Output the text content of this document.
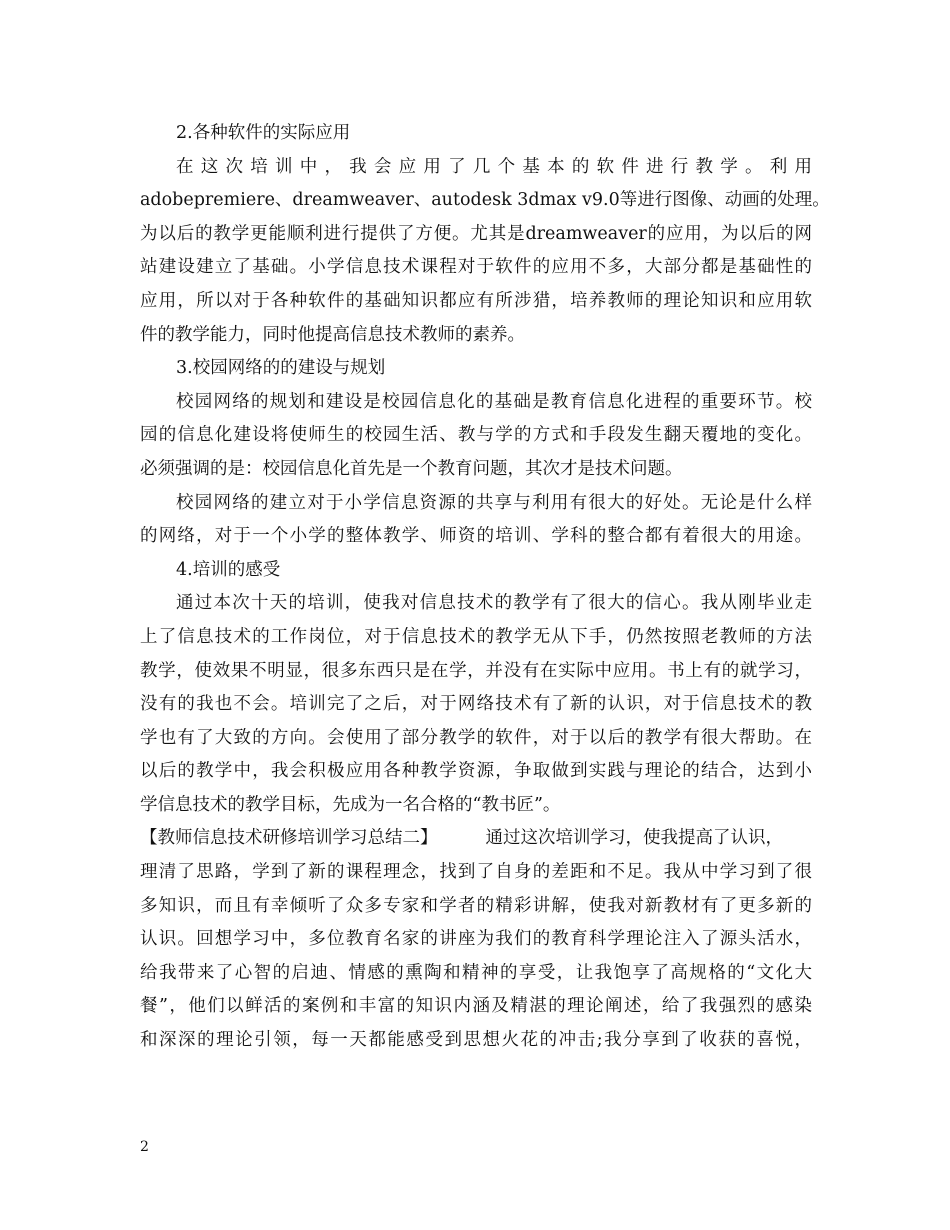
2.各种软件的实际应用
在这次培训中，我会应用了几个基本的软件进行教学。利用
adobepremiere、dreamweaver、autodesk 3dmax v9.0等进行图像、动画的处理。
为以后的教学更能顺利进行提供了方便。尤其是dreamweaver的应用，为以后的网
站建设建立了基础。小学信息技术课程对于软件的应用不多，大部分都是基础性的
应用，所以对于各种软件的基础知识都应有所涉猎，培养教师的理论知识和应用软
件的教学能力，同时他提高信息技术教师的素养。
3.校园网络的的建设与规划
校园网络的规划和建设是校园信息化的基础是教育信息化进程的重要环节。校
园的信息化建设将使师生的校园生活、教与学的方式和手段发生翻天覆地的变化。
必须强调的是：校园信息化首先是一个教育问题，其次才是技术问题。
校园网络的建立对于小学信息资源的共享与利用有很大的好处。无论是什么样
的网络，对于一个小学的整体教学、师资的培训、学科的整合都有着很大的用途。
4.培训的感受
通过本次十天的培训，使我对信息技术的教学有了很大的信心。我从刚毕业走
上了信息技术的工作岗位，对于信息技术的教学无从下手，仍然按照老教师的方法
教学，使效果不明显，很多东西只是在学，并没有在实际中应用。书上有的就学习，
没有的我也不会。培训完了之后，对于网络技术有了新的认识，对于信息技术的教
学也有了大致的方向。会使用了部分教学的软件，对于以后的教学有很大帮助。在
以后的教学中，我会积极应用各种教学资源，争取做到实践与理论的结合，达到小
学信息技术的教学目标，先成为一名合格的“教书匠”。
【教师信息技术研修培训学习总结二】	通过这次培训学习，使我提高了认识，
理清了思路，学到了新的课程理念，找到了自身的差距和不足。我从中学习到了很
多知识，而且有幸倾听了众多专家和学者的精彩讲解，使我对新教材有了更多新的
认识。回想学习中，多位教育名家的讲座为我们的教育科学理论注入了源头活水，
给我带来了心智的启迪、情感的熏陶和精神的享受，让我饱享了高规格的“文化大
餐”，他们以鲜活的案例和丰富的知识内涵及精湛的理论阐述，给了我强烈的感染
和深深的理论引领，每一天都能感受到思想火花的冲击;我分享到了收获的喜悦，
2
